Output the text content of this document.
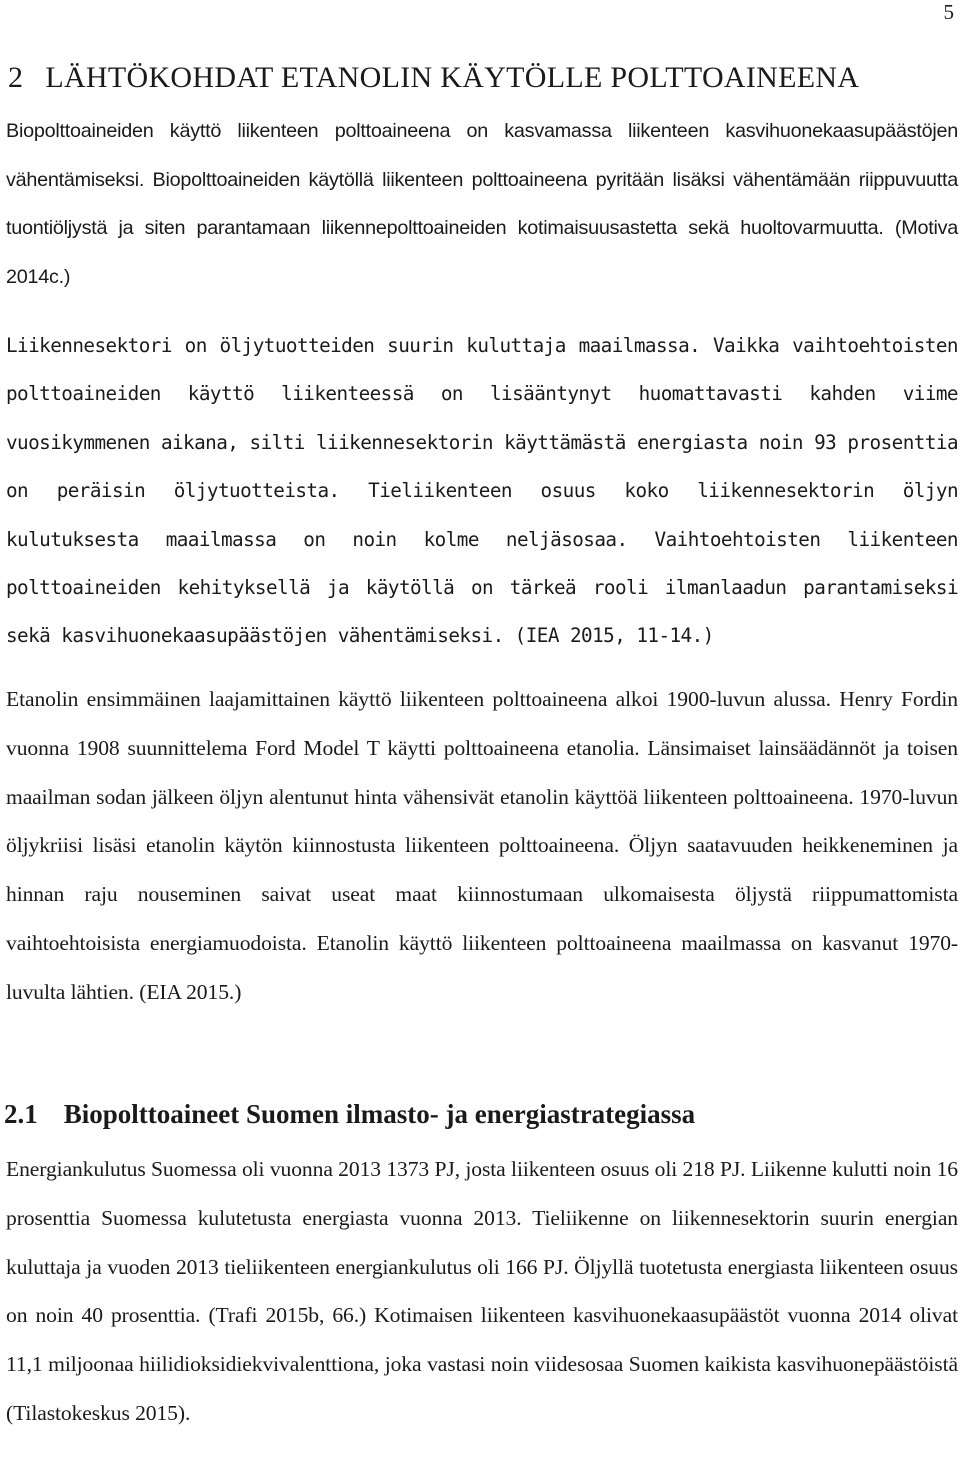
5
2 LÄHTÖKOHDAT ETANOLIN KÄYTÖLLE POLTTOAINEENA

Biopolttoaineiden käyttö liikenteen polttoaineena on kasvamassa liikenteen kasvihuonekaasupäästöjen vähentämiseksi. Biopolttoaineiden käytöllä liikenteen polttoaineena pyritään lisäksi vähentämään riippuvuutta tuontiöljystä ja siten parantamaan liikennepolttoaineiden kotimaisuusastetta sekä huoltovarmuutta. (Motiva 2014c.)

Liikennesektori on öljytuotteiden suurin kuluttaja maailmassa. Vaikka vaihtoehtoisten polttoaineiden käyttö liikenteessä on lisääntynyt huomattavasti kahden viime vuosikymmenen aikana, silti liikennesektorin käyttämästä energiasta noin 93 prosenttia on peräisin öljytuotteista. Tieliikenteen osuus koko liikennesektorin öljyn kulutuksesta maailmassa on noin kolme neljäsosaa. Vaihtoehtoisten liikenteen polttoaineiden kehityksellä ja käytöllä on tärkeä rooli ilmanlaadun parantamiseksi sekä kasvihuonekaasupäästöjen vähentämiseksi. (IEA 2015, 11-14.)

Etanolin ensimmäinen laajamittainen käyttö liikenteen polttoaineena alkoi 1900-luvun alussa. Henry Fordin vuonna 1908 suunnittelema Ford Model T käytti polttoaineena etanolia. Länsimaiset lainsäädännöt ja toisen maailman sodan jälkeen öljyn alentunut hinta vähensivät etanolin käyttöä liikenteen polttoaineena. 1970-luvun öljykriisi lisäsi etanolin käytön kiinnostusta liikenteen polttoaineena. Öljyn saatavuuden heikkeneminen ja hinnan raju nouseminen saivat useat maat kiinnostumaan ulkomaisesta öljystä riippumattomista vaihtoehtoisista energiamuodoista. Etanolin käyttö liikenteen polttoaineena maailmassa on kasvanut 1970-luvulta lähtien. (EIA 2015.)

2.1 Biopolttoaineet Suomen ilmasto- ja energiastrategiassa

Energiankulutus Suomessa oli vuonna 2013 1373 PJ, josta liikenteen osuus oli 218 PJ. Liikenne kulutti noin 16 prosenttia Suomessa kulutetusta energiasta vuonna 2013. Tieliikenne on liikennesektorin suurin energian kuluttaja ja vuoden 2013 tieliikenteen energiankulutus oli 166 PJ. Öljyllä tuotetusta energiasta liikenteen osuus on noin 40 prosenttia. (Trafi 2015b, 66.) Kotimaisen liikenteen kasvihuonekaasupäästöt vuonna 2014 olivat 11,1 miljoonaa hiilidioksidiekvivalenttiona, joka vastasi noin viidesosaa Suomen kaikista kasvihuonepäästöistä (Tilastokeskus 2015).
